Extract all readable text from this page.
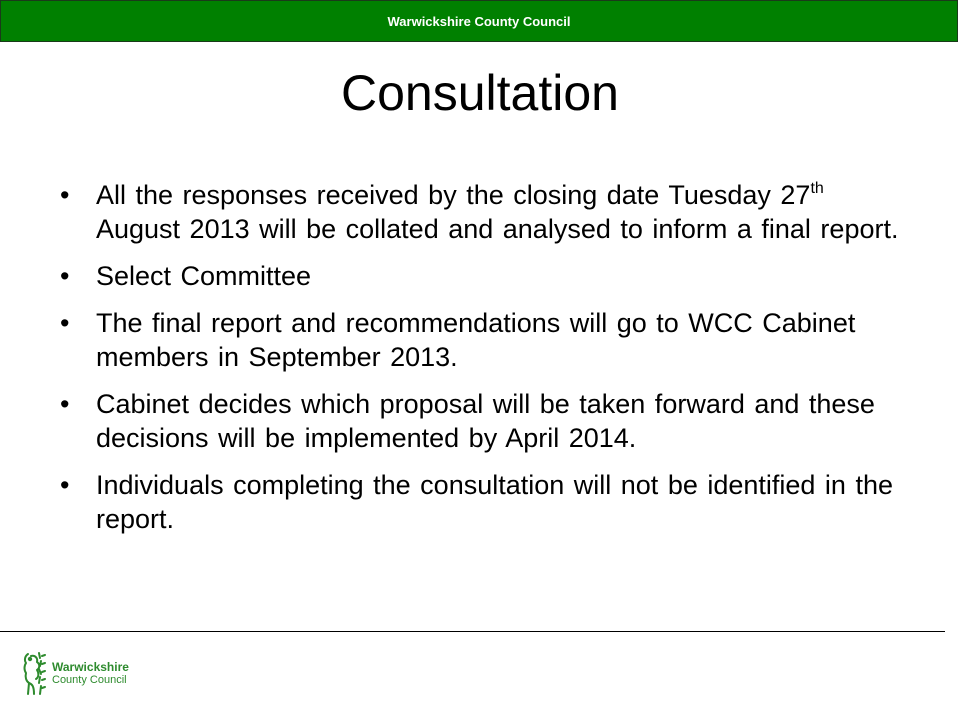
Warwickshire County Council
Consultation
• All the responses received by the closing date Tuesday 27th August 2013 will be collated and analysed to inform a final report.
• Select Committee
• The final report and recommendations will go to WCC Cabinet members in September 2013.
• Cabinet decides which proposal will be taken forward and these decisions will be implemented by April 2014.
• Individuals completing the consultation will not be identified in the report.
Warwickshire
County Council
